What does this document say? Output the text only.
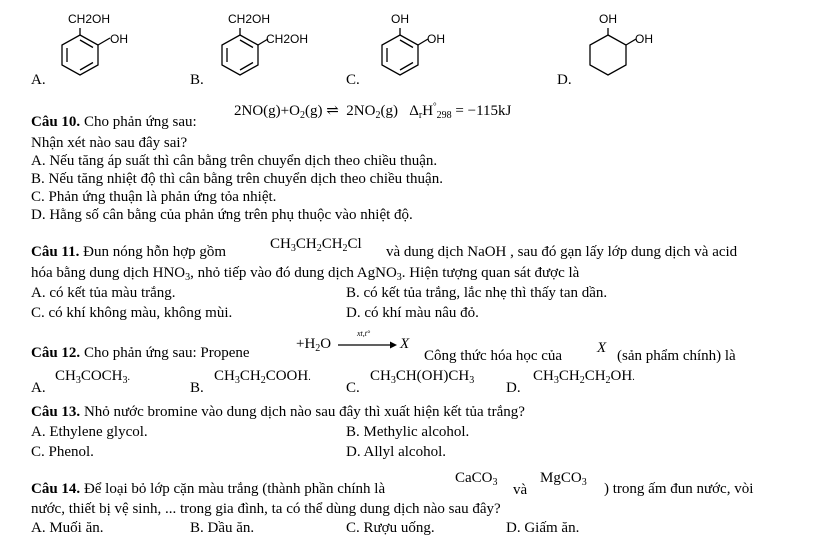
CH2OH
OH
A.
CH2OH
CH2OH
B.
OH
OH
C.
OH
OH
D.
Câu 10. Cho phản ứng sau:
$2NO(g)+O_2(g)$ ⇌ $2NO_2(g) \Delta_rH^\circ_{298} = -115kJ$
Nhận xét nào sau đây sai?
A. Nếu tăng áp suất thì cân bằng trên chuyển dịch theo chiều thuận.
B. Nếu tăng nhiệt độ thì cân bằng trên chuyển dịch theo chiều thuận.
C. Phản ứng thuận là phản ứng tỏa nhiệt.
D. Hằng số cân bằng của phản ứng trên phụ thuộc vào nhiệt độ.
Câu 11. Đun nóng hỗn hợp gồm	$CH_3CH_2CH_2Cl$ và dung dịch NaOH , sau đó gạn lấy lớp dung dịch và acid
hóa bằng dung dịch $HNO_3$, nhỏ tiếp vào đó dung dịch AgNO$_3$. Hiện tượng quan sát được là
A. có kết tủa màu trắng.	B. có kết tủa trắng, lắc nhẹ thì thấy tan dần.
C. có khí không màu, không mùi.	D. có khí màu nâu đỏ.
Câu 12. Cho phản ứng sau: Propene
$+H_2O$ →
xt,t°
X
Công thức hóa học của X (sản phẩm chính) là
A.
$CH_3COCH_3$.
B.
$CH_3CH_2COOH$.
C.
$CH_3CH(OH)CH_3$ D.
$CH_3CH_2CH_2OH$.
Câu 13. Nhỏ nước bromine vào dung dịch nào sau đây thì xuất hiện kết tủa trắng?
A. Ethylene glycol.	B. Methylic alcohol.
C. Phenol.	D. Allyl alcohol.
Câu 14. Để loại bỏ lớp cặn màu trắng (thành phần chính là
CaCO$_3$ và
MgCO$_3$ ) trong ấm đun nước, vòi
nước, thiết bị vệ sinh, ... trong gia đình, ta có thể dùng dung dịch nào sau đây?
A. Muối ăn.	B. Dầu ăn.	C. Rượu uống.	D. Giấm ăn.
